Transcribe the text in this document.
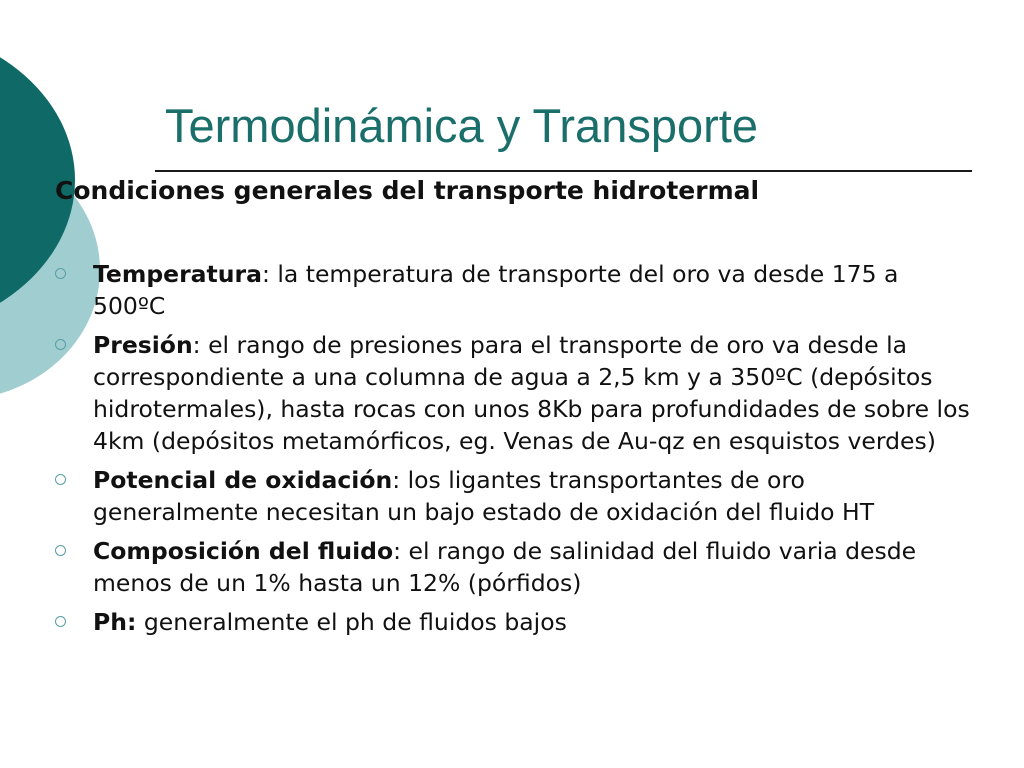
Termodinámica y Transporte
Condiciones generales del transporte hidrotermal
Temperatura: la temperatura de transporte del oro va desde 175 a 500ºC
Presión: el rango de presiones para el transporte de oro va desde la correspondiente a una columna de agua a 2,5 km y a 350ºC (depósitos hidrotermales), hasta rocas con unos 8Kb para profundidades de sobre los 4km (depósitos metamórficos, eg. Venas de Au-qz en esquistos verdes)
Potencial de oxidación: los ligantes transportantes de oro generalmente necesitan un bajo estado de oxidación del fluido HT
Composición del fluido: el rango de salinidad del fluido varia desde menos de un 1% hasta un 12% (pórfidos)
Ph: generalmente el ph de fluidos bajos
